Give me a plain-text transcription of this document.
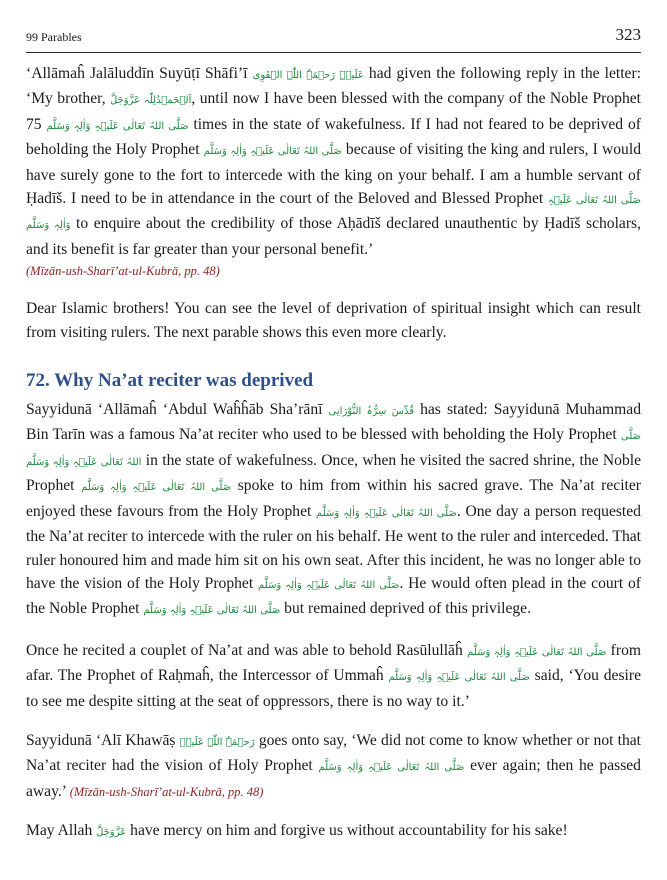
99 Parables	323

‘Allāmaĥ Jalāluddīn Suyūṭī Shāfi’ī عَلَیۡہِ رَحۡمَۃُ اللّٰہِ الۡقَوِی had given the following reply in the letter: ‘My brother, اَلۡحَمۡدُلِلّٰہ عَزَّوَجَلَّ, until now I have been blessed with the company of the Noble Prophet صَلَّی اللہُ تَعَالٰی عَلَیۡہِ وَاٰلِہٖ وَسَلَّم 75 times in the state of wakefulness. If I had not feared to be deprived of beholding the Holy Prophet صَلَّی اللہُ تَعَالٰی عَلَیۡہِ وَاٰلِہٖ وَسَلَّم because of visiting the king and rulers, I would have surely gone to the fort to intercede with the king on your behalf. I am a humble servant of Ḥadīš. I need to be in attendance in the court of the Beloved and Blessed Prophet صَلَّی اللہُ تَعَالٰی عَلَیۡہِ وَاٰلِہٖ وَسَلَّم to enquire about the credibility of those Aḥādīš declared unauthentic by Ḥadīš scholars, and its benefit is far greater than your personal benefit.’
(Mīzān-ush-Sharī’at-ul-Kubrā, pp. 48)

Dear Islamic brothers! You can see the level of deprivation of spiritual insight which can result from visiting rulers. The next parable shows this even more clearly.

72. Why Na’at reciter was deprived

Sayyidunā ‘Allāmaĥ ‘Abdul Waĥĥāb Sha’rānī قُدِّسَ سِرُّہُ النُّوْرَانِی has stated: Sayyidunā Muhammad Bin Tarīn was a famous Na’at reciter who used to be blessed with beholding the Holy Prophet صَلَّی اللہُ تَعَالٰی عَلَیۡہِ وَاٰلِہٖ وَسَلَّم in the state of wakefulness. Once, when he visited the sacred shrine, the Noble Prophet صَلَّی اللہُ تَعَالٰی عَلَیۡہِ وَاٰلِہٖ وَسَلَّم spoke to him from within his sacred grave. The Na’at reciter enjoyed these favours from the Holy Prophet صَلَّی اللہُ تَعَالٰی عَلَیۡہِ وَاٰلِہٖ وَسَلَّم. One day a person requested the Na’at reciter to intercede with the ruler on his behalf. He went to the ruler and interceded. That ruler honoured him and made him sit on his own seat. After this incident, he was no longer able to have the vision of the Holy Prophet صَلَّی اللہُ تَعَالٰی عَلَیۡہِ وَاٰلِہٖ وَسَلَّم. He would often plead in the court of the Noble Prophet صَلَّی اللہُ تَعَالٰی عَلَیۡہِ وَاٰلِہٖ وَسَلَّم but remained deprived of this privilege.

Once he recited a couplet of Na’at and was able to behold Rasūlullāĥ صَلَّی اللہُ تَعَالٰی عَلَیۡہِ وَاٰلِہٖ وَسَلَّم from afar. The Prophet of Raḥmaĥ, the Intercessor of Ummaĥ صَلَّی اللہُ تَعَالٰی عَلَیۡہِ وَاٰلِہٖ وَسَلَّم said, ‘You desire to see me despite sitting at the seat of oppressors, there is no way to it.’

Sayyidunā ‘Alī Khawāṣ رَحۡمَۃُ اللّٰہِ عَلَیۡہ goes onto say, ‘We did not come to know whether or not that Na’at reciter had the vision of Holy Prophet صَلَّی اللہُ تَعَالٰی عَلَیۡہِ وَاٰلِہٖ وَسَلَّم ever again; then he passed away.’ (Mīzān-ush-Sharī’at-ul-Kubrā, pp. 48)

May Allah عَزَّوَجَلَّ have mercy on him and forgive us without accountability for his sake!
